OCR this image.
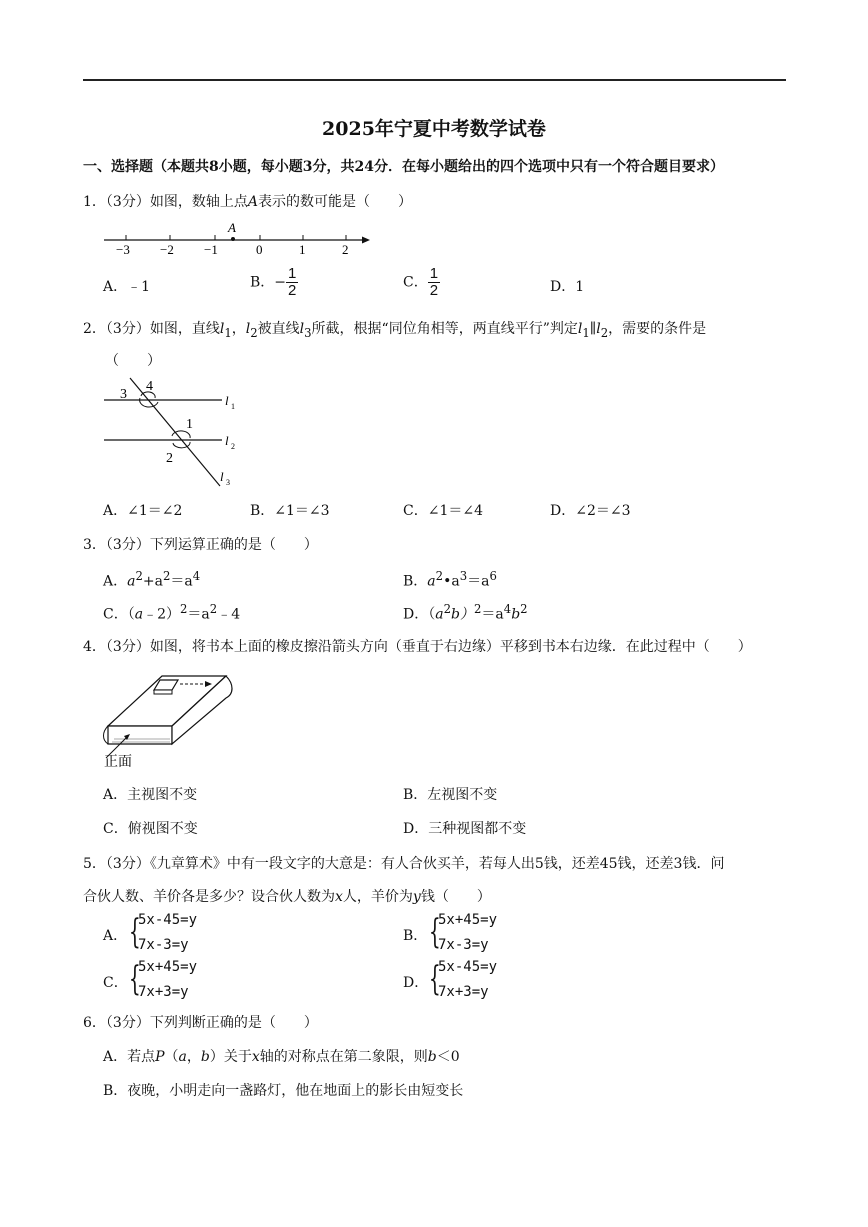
2025年宁夏中考数学试卷
一、选择题（本题共8小题，每小题3分，共24分．在每小题给出的四个选项中只有一个符合题目要求）
1．（3分）如图，数轴上点A表示的数可能是（　　）
A
−3 −2 −1	0	1	2
A．﹣1	B．− $\frac{1}{2}$	C． $\frac{1}{2}$	D．1
2．（3分）如图，直线$l_1$，$l_2$被直线$l_3$所截，根据“同位角相等，两直线平行”判定$l_1\parallel l_2$，需要的条件是
（　　）
3
4
1
2
l 1
l 2
l 3
A．∠1＝∠2	B．∠1＝∠3	C．∠1＝∠4	D．∠2＝∠3
3．（3分）下列运算正确的是（　　）
A．$a^2+a^2=a^4$	B．$a^2•a^3=a^6$
C．$(a﹣2)^2=a^2﹣4$	D．$(a^2b)^2=a^4b^2$
4．（3分）如图，将书本上面的橡皮擦沿箭头方向（垂直于右边缘）平移到书本右边缘．在此过程中（　　）
正面
A．主视图不变	B．左视图不变
C．俯视图不变	D．三种视图都不变
5．（3分）《九章算术》中有一段文字的大意是：有人合伙买羊，若每人出5钱，还差45钱，还差3钱．问
合伙人数、羊价各是多少？设合伙人数为x人，羊价为y钱（　　）
A． {
5x-45=y
7x-3=y
B． {
5x+45=y
7x-3=y
C． {
5x+45=y
7x+3=y
D． {
5x-45=y
7x+3=y
6．（3分）下列判断正确的是（　　）
A．若点P（a，b）关于x轴的对称点在第二象限，则b＜0
B．夜晚，小明走向一盏路灯，他在地面上的影长由短变长
